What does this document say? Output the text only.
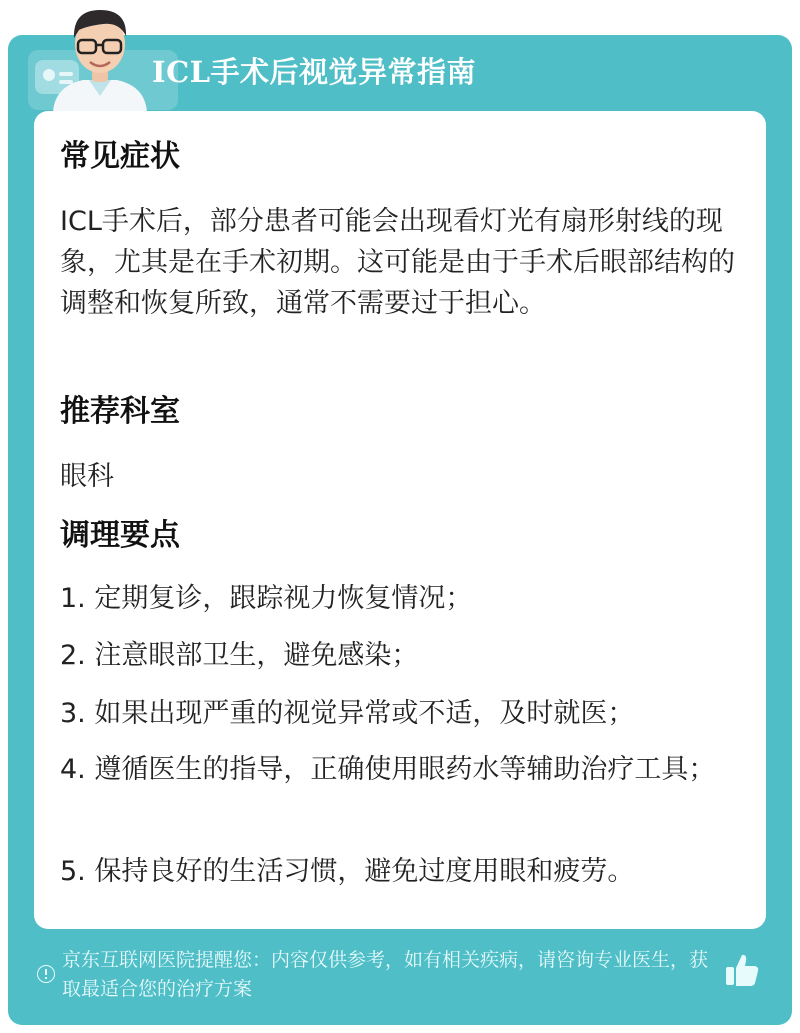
ICL手术后视觉异常指南
常见症状
ICL手术后，部分患者可能会出现看灯光有扇形射线的现象，尤其是在手术初期。这可能是由于手术后眼部结构的调整和恢复所致，通常不需要过于担心。
推荐科室
眼科
调理要点
1. 定期复诊，跟踪视力恢复情况；
2. 注意眼部卫生，避免感染；
3. 如果出现严重的视觉异常或不适，及时就医；
4. 遵循医生的指导，正确使用眼药水等辅助治疗工具；
5. 保持良好的生活习惯，避免过度用眼和疲劳。
京东互联网医院提醒您：内容仅供参考，如有相关疾病，请咨询专业医生，获取最适合您的治疗方案
